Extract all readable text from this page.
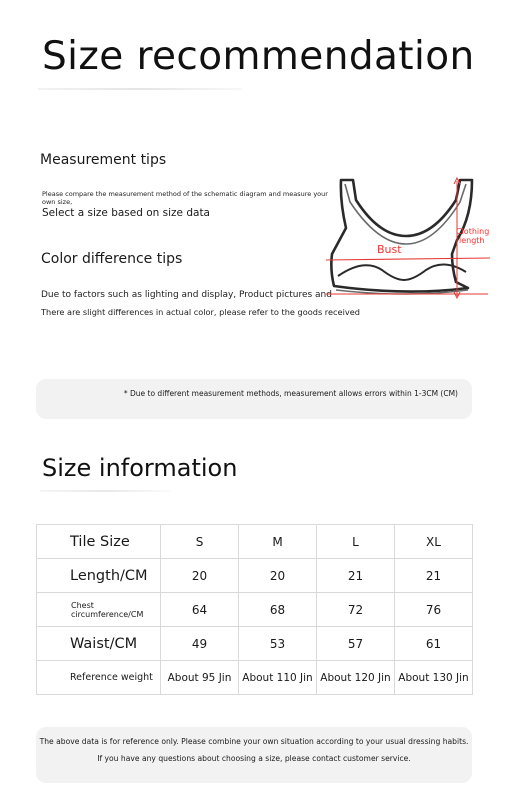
Size recommendation
Measurement tips
Please compare the measurement method of the schematic diagram and measure your own size,
Select a size based on size data
Color difference tips
Due to factors such as lighting and display, Product pictures and
There are slight differences in actual color, please refer to the goods received
Bust
Clothing
length
* Due to different measurement methods, measurement allows errors within 1-3CM (CM)
Size information
Tile Size	S	M	L	XL
Length/CM	20	20	21	21

Chest
circumference/CM	64	68	72	76
Waist/CM	49	53	57	61
Reference weight	About 95 Jin	About 110 Jin	About 120 Jin	About 130 Jin
The above data is for reference only. Please combine your own situation according to your usual dressing habits.
If you have any questions about choosing a size, please contact customer service.
